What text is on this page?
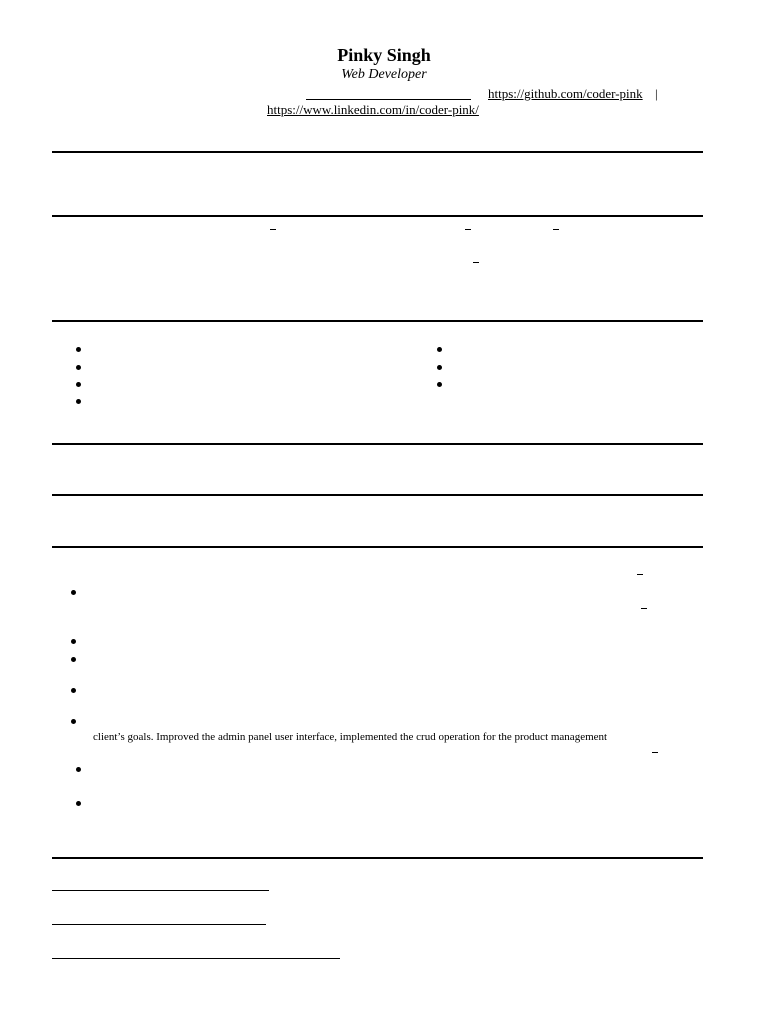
Pinky Singh
Web Developer
https://github.com/coder-pink |
https://www.linkedin.com/in/coder-pink/
client’s goals. Improved the admin panel user interface, implemented the crud operation for the product management
